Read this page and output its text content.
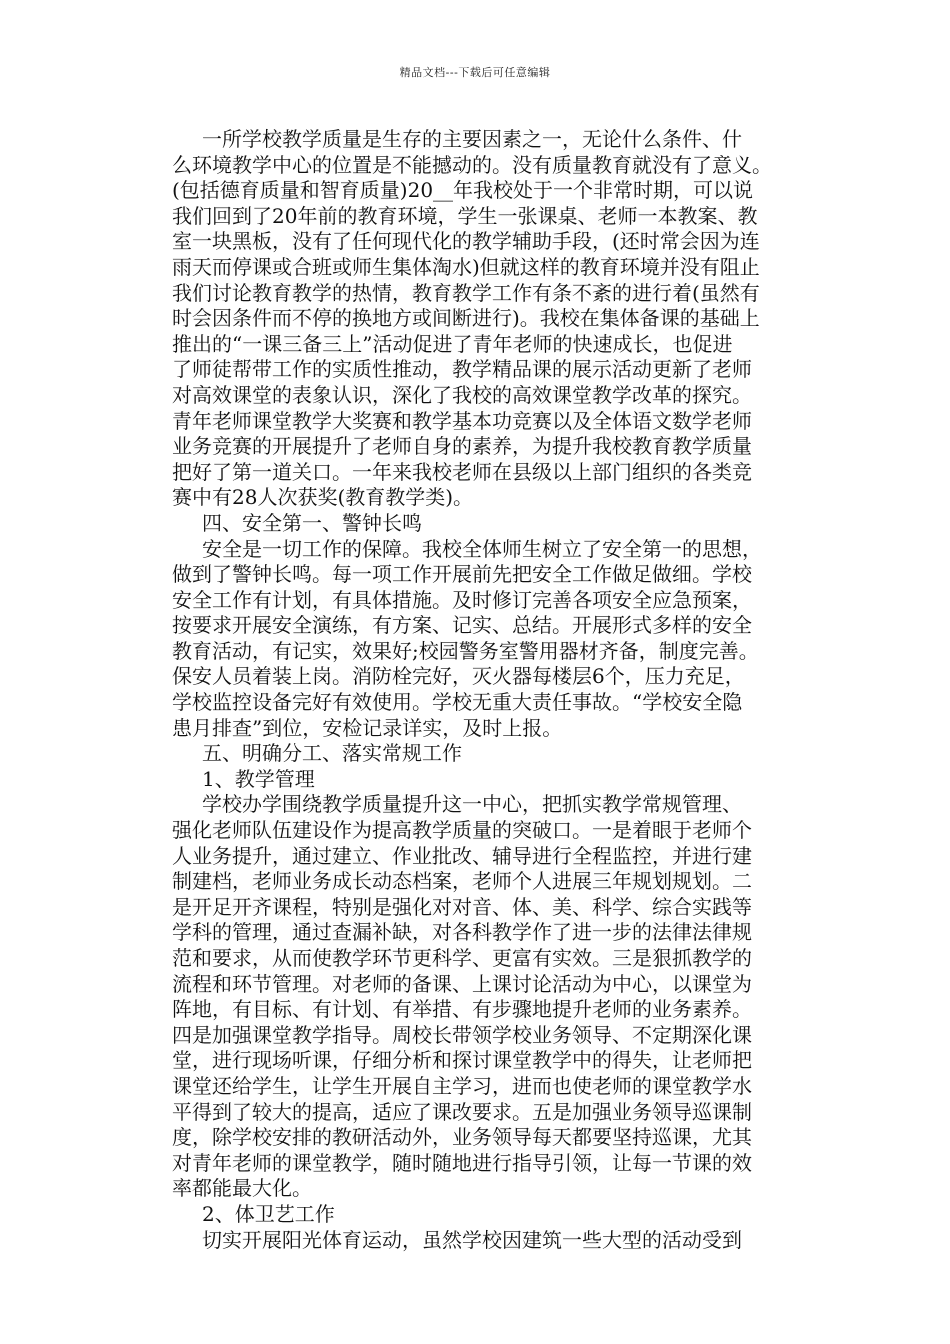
精品文档---下载后可任意编辑
一所学校教学质量是生存的主要因素之一，无论什么条件、什
么环境教学中心的位置是不能撼动的。没有质量教育就没有了意义。
(包括德育质量和智育质量)20__年我校处于一个非常时期，可以说
我们回到了20年前的教育环境，学生一张课桌、老师一本教案、教
室一块黑板，没有了任何现代化的教学辅助手段，(还时常会因为连
雨天而停课或合班或师生集体淘水)但就这样的教育环境并没有阻止
我们讨论教育教学的热情，教育教学工作有条不紊的进行着(虽然有
时会因条件而不停的换地方或间断进行)。我校在集体备课的基础上
推出的“一课三备三上”活动促进了青年老师的快速成长，也促进
了师徒帮带工作的实质性推动，教学精品课的展示活动更新了老师
对高效课堂的表象认识，深化了我校的高效课堂教学改革的探究。
青年老师课堂教学大奖赛和教学基本功竞赛以及全体语文数学老师
业务竞赛的开展提升了老师自身的素养，为提升我校教育教学质量
把好了第一道关口。一年来我校老师在县级以上部门组织的各类竞
赛中有28人次获奖(教育教学类)。
四、安全第一、警钟长鸣
安全是一切工作的保障。我校全体师生树立了安全第一的思想，
做到了警钟长鸣。每一项工作开展前先把安全工作做足做细。学校
安全工作有计划，有具体措施。及时修订完善各项安全应急预案，
按要求开展安全演练，有方案、记实、总结。开展形式多样的安全
教育活动，有记实，效果好;校园警务室警用器材齐备，制度完善。
保安人员着装上岗。消防栓完好，灭火器每楼层6个，压力充足，
学校监控设备完好有效使用。学校无重大责任事故。“学校安全隐
患月排查”到位，安检记录详实，及时上报。
五、明确分工、落实常规工作
1、教学管理
学校办学围绕教学质量提升这一中心，把抓实教学常规管理、
强化老师队伍建设作为提高教学质量的突破口。一是着眼于老师个
人业务提升，通过建立、作业批改、辅导进行全程监控，并进行建
制建档，老师业务成长动态档案，老师个人进展三年规划规划。二
是开足开齐课程，特别是强化对对音、体、美、科学、综合实践等
学科的管理，通过查漏补缺，对各科教学作了进一步的法律法律规
范和要求，从而使教学环节更科学、更富有实效。三是狠抓教学的
流程和环节管理。对老师的备课、上课讨论活动为中心，以课堂为
阵地，有目标、有计划、有举措、有步骤地提升老师的业务素养。
四是加强课堂教学指导。周校长带领学校业务领导、不定期深化课
堂，进行现场听课，仔细分析和探讨课堂教学中的得失，让老师把
课堂还给学生，让学生开展自主学习，进而也使老师的课堂教学水
平得到了较大的提高，适应了课改要求。五是加强业务领导巡课制
度，除学校安排的教研活动外，业务领导每天都要坚持巡课，尤其
对青年老师的课堂教学，随时随地进行指导引领，让每一节课的效
率都能最大化。
2、体卫艺工作
切实开展阳光体育运动，虽然学校因建筑一些大型的活动受到
